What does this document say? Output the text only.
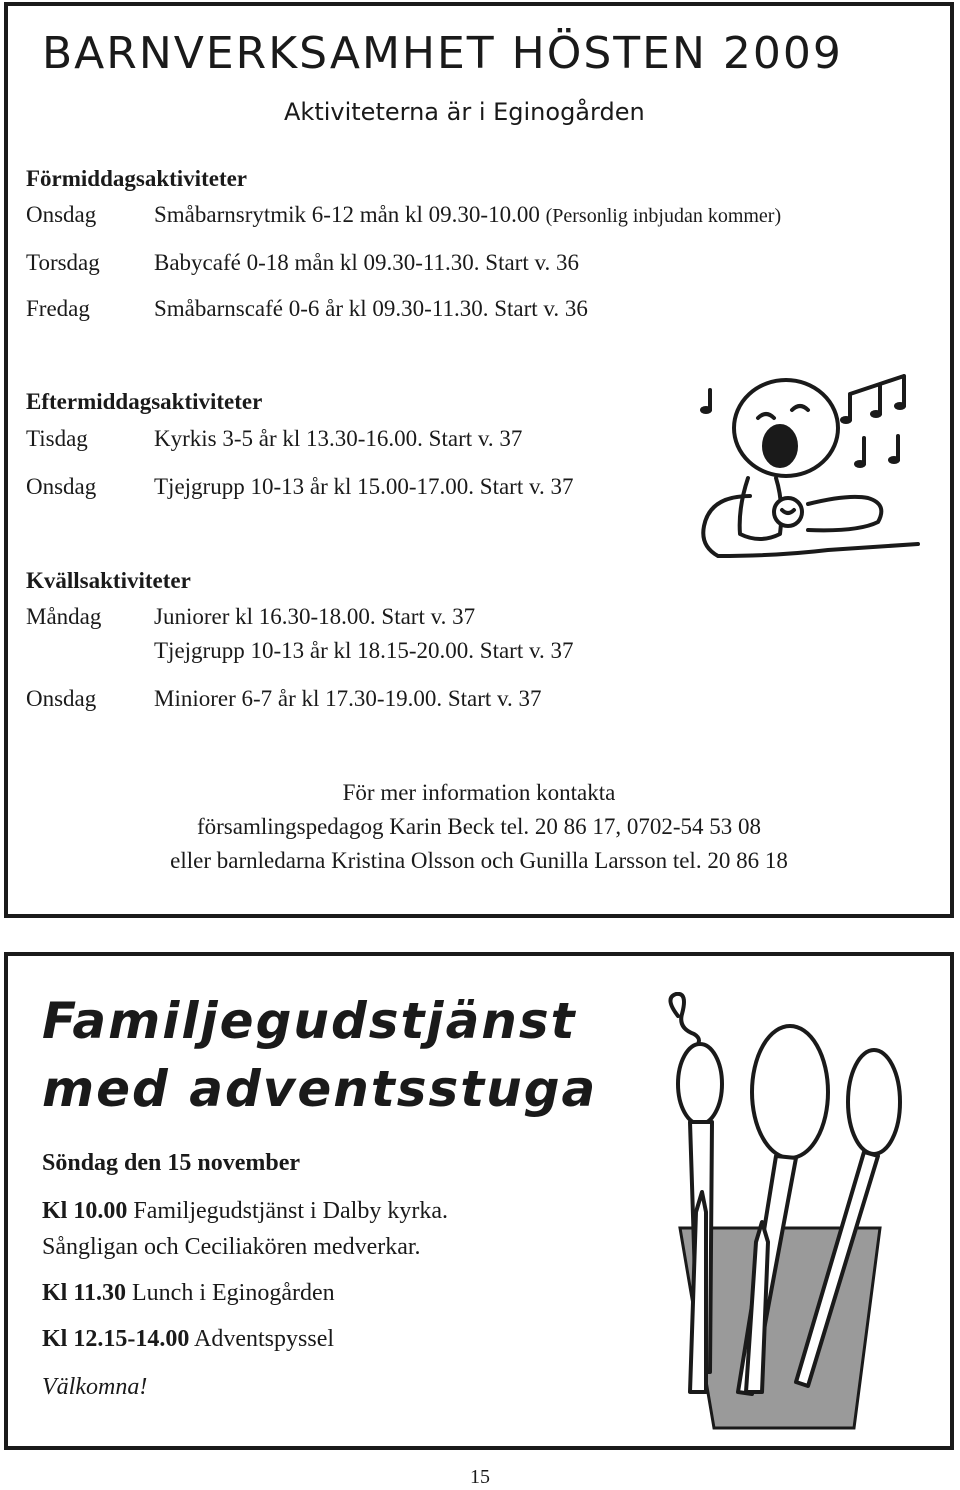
BARNVERKSAMHET HÖSTEN 2009
Aktiviteterna är i Eginogården
Förmiddagsaktiviteter
Onsdag	Småbarnsrytmik 6-12 mån kl 09.30-10.00 (Personlig inbjudan kommer)
Torsdag Babycafé 0-18 mån kl 09.30-11.30. Start v. 36
Fredag	Småbarnscafé 0-6 år kl 09.30-11.30. Start v. 36
Eftermiddagsaktiviteter
Tisdag	Kyrkis 3-5 år kl 13.30-16.00. Start v. 37
Onsdag	Tjejgrupp 10-13 år kl 15.00-17.00. Start v. 37
Kvällsaktiviteter
Måndag Juniorer kl 16.30-18.00. Start v. 37
Tjejgrupp 10-13 år kl 18.15-20.00. Start v. 37
Onsdag	Miniorer 6-7 år kl 17.30-19.00. Start v. 37
För mer information kontakta
församlingspedagog Karin Beck tel. 20 86 17, 0702-54 53 08
eller barnledarna Kristina Olsson och Gunilla Larsson tel. 20 86 18
Familjegudstjänst
med adventsstuga
Söndag den 15 november
Kl 10.00 Familjegudstjänst i Dalby kyrka.
Sångligan och Ceciliakören medverkar.
Kl 11.30 Lunch i Eginogården
Kl 12.15-14.00 Adventspyssel
Välkomna!
15
